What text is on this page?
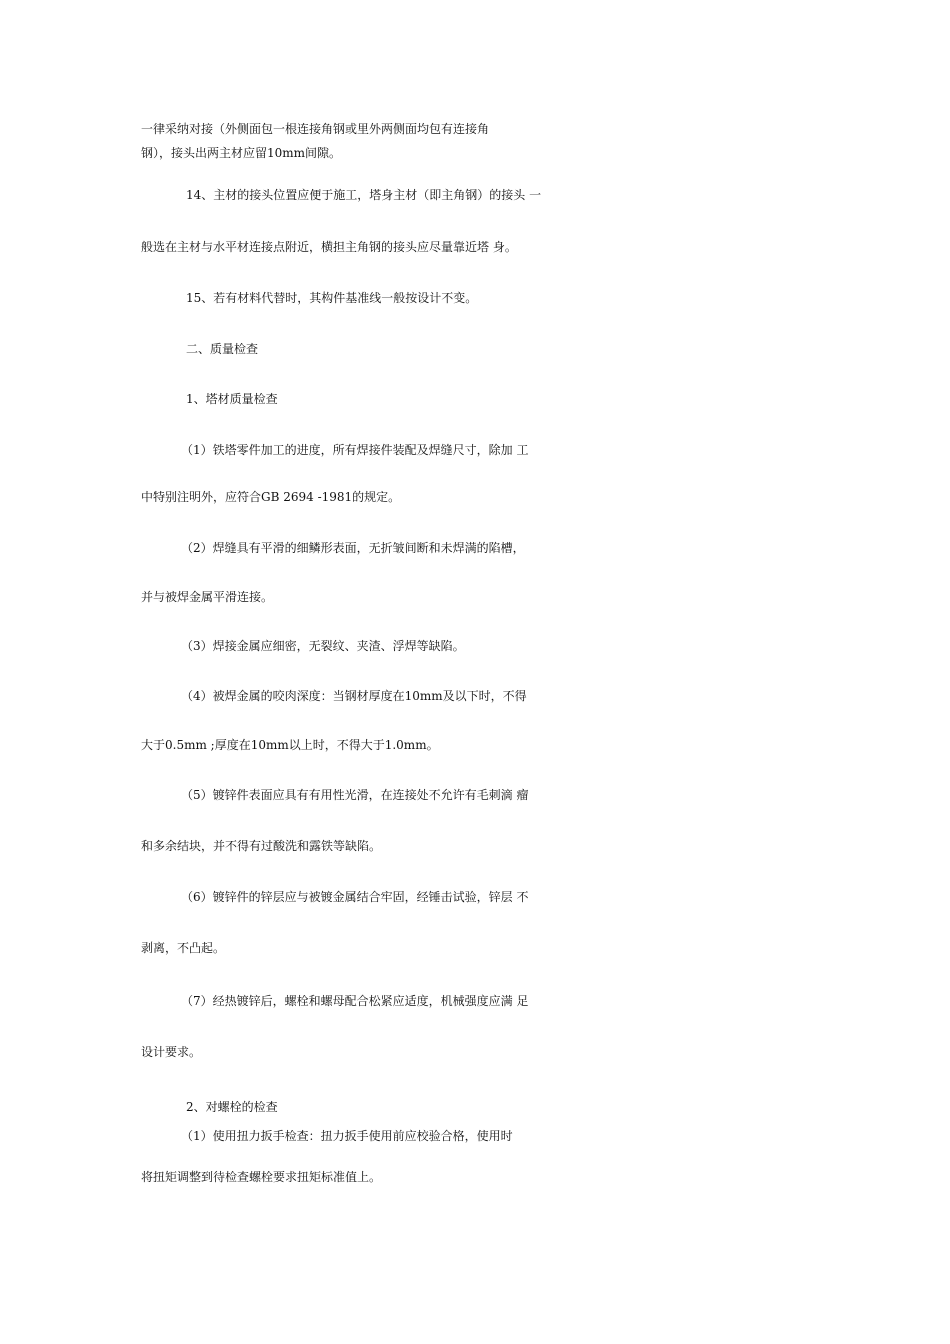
一律采纳对接（外侧面包一根连接角钢或里外两侧面均包有连接角
钢），接头出两主材应留10mm间隙。
14、主材的接头位置应便于施工，塔身主材（即主角钢）的接头 一
般选在主材与水平材连接点附近，横担主角钢的接头应尽量靠近塔 身。
15、若有材料代替时，其构件基准线一般按设计不变。
二、质量检查
1、塔材质量检查
（1）铁塔零件加工的进度，所有焊接件装配及焊缝尺寸，除加 工
中特别注明外，应符合GB 2694 -1981的规定。
（2）焊缝具有平滑的细鳞形表面，无折皱间断和未焊满的陷槽，
并与被焊金属平滑连接。
（3）焊接金属应细密，无裂纹、夹渣、浮焊等缺陷。
（4）被焊金属的咬肉深度：当钢材厚度在10mm及以下时，不得
大于0.5mm ;厚度在10mm以上时，不得大于1.0mm。
（5）镀锌件表面应具有有用性光滑，在连接处不允许有毛刺滴 瘤
和多余结块，并不得有过酸洗和露铁等缺陷。
（6）镀锌件的锌层应与被镀金属结合牢固，经锤击试验，锌层 不
剥离，不凸起。
（7）经热镀锌后，螺栓和螺母配合松紧应适度，机械强度应满 足
设计要求。
2、对螺栓的检查
（1）使用扭力扳手检查：扭力扳手使用前应校验合格，使用时
将扭矩调整到待检查螺栓要求扭矩标准值上。
